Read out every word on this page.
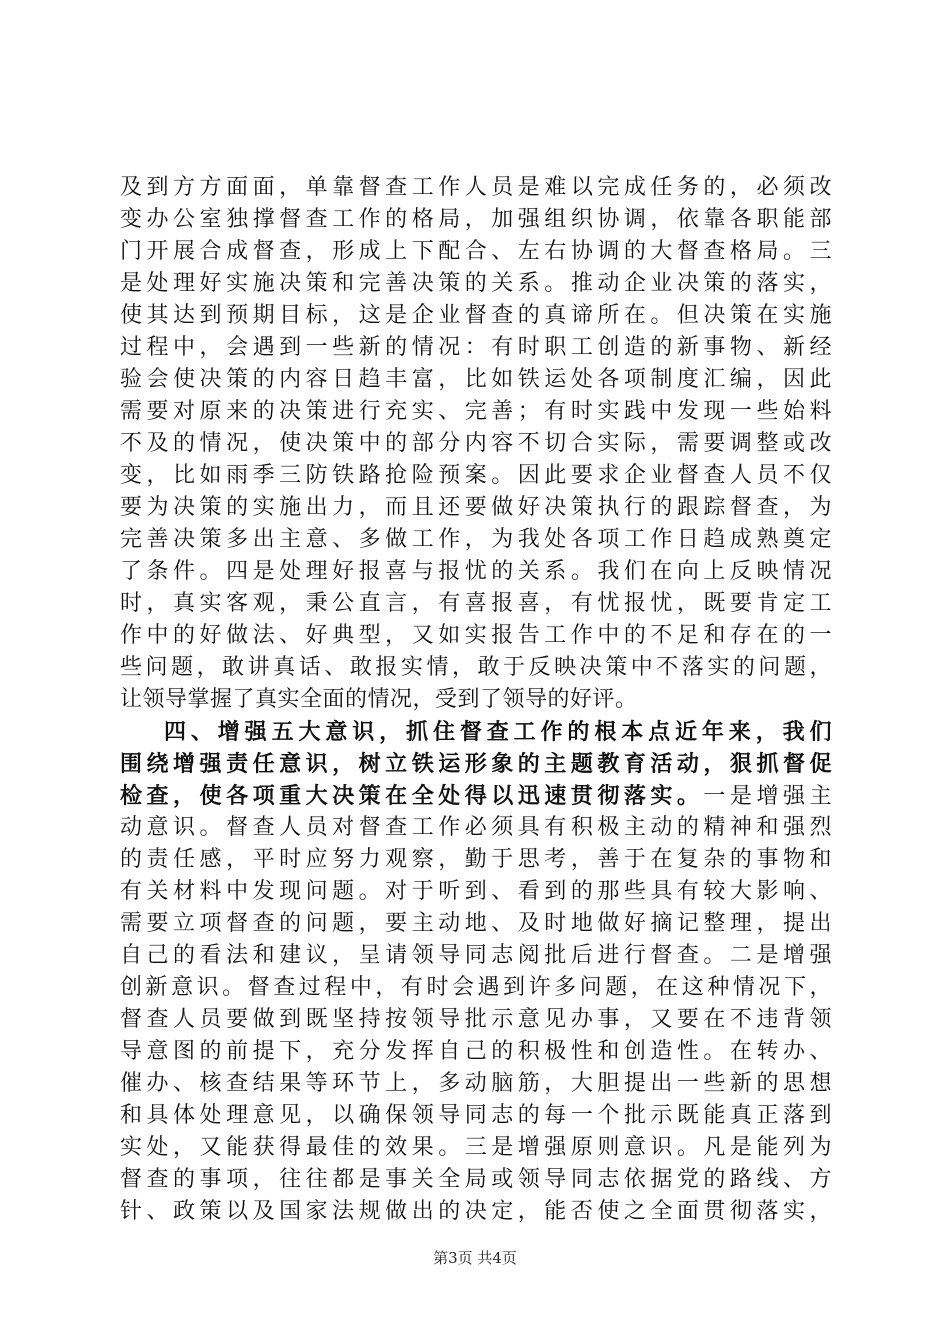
及到方方面面，单靠督查工作人员是难以完成任务的，必须改
变办公室独撑督查工作的格局，加强组织协调，依靠各职能部
门开展合成督查，形成上下配合、左右协调的大督查格局。三
是处理好实施决策和完善决策的关系。推动企业决策的落实，
使其达到预期目标，这是企业督查的真谛所在。但决策在实施
过程中，会遇到一些新的情况：有时职工创造的新事物、新经
验会使决策的内容日趋丰富，比如铁运处各项制度汇编，因此
需要对原来的决策进行充实、完善；有时实践中发现一些始料
不及的情况，使决策中的部分内容不切合实际，需要调整或改
变，比如雨季三防铁路抢险预案。因此要求企业督查人员不仅
要为决策的实施出力，而且还要做好决策执行的跟踪督查，为
完善决策多出主意、多做工作，为我处各项工作日趋成熟奠定
了条件。四是处理好报喜与报忧的关系。我们在向上反映情况
时，真实客观，秉公直言，有喜报喜，有忧报忧，既要肯定工
作中的好做法、好典型，又如实报告工作中的不足和存在的一
些问题，敢讲真话、敢报实情，敢于反映决策中不落实的问题，
让领导掌握了真实全面的情况，受到了领导的好评。
四、增强五大意识，抓住督查工作的根本点近年来，我们
围绕增强责任意识，树立铁运形象的主题教育活动，狠抓督促
检查，使各项重大决策在全处得以迅速贯彻落实。一是增强主
动意识。督查人员对督查工作必须具有积极主动的精神和强烈
的责任感，平时应努力观察，勤于思考，善于在复杂的事物和
有关材料中发现问题。对于听到、看到的那些具有较大影响、
需要立项督查的问题，要主动地、及时地做好摘记整理，提出
自己的看法和建议，呈请领导同志阅批后进行督查。二是增强
创新意识。督查过程中，有时会遇到许多问题，在这种情况下，
督查人员要做到既坚持按领导批示意见办事，又要在不违背领
导意图的前提下，充分发挥自己的积极性和创造性。在转办、
催办、核查结果等环节上，多动脑筋，大胆提出一些新的思想
和具体处理意见，以确保领导同志的每一个批示既能真正落到
实处，又能获得最佳的效果。三是增强原则意识。凡是能列为
督查的事项，往往都是事关全局或领导同志依据党的路线、方
针、政策以及国家法规做出的决定，能否使之全面贯彻落实，
第3页 共4页
